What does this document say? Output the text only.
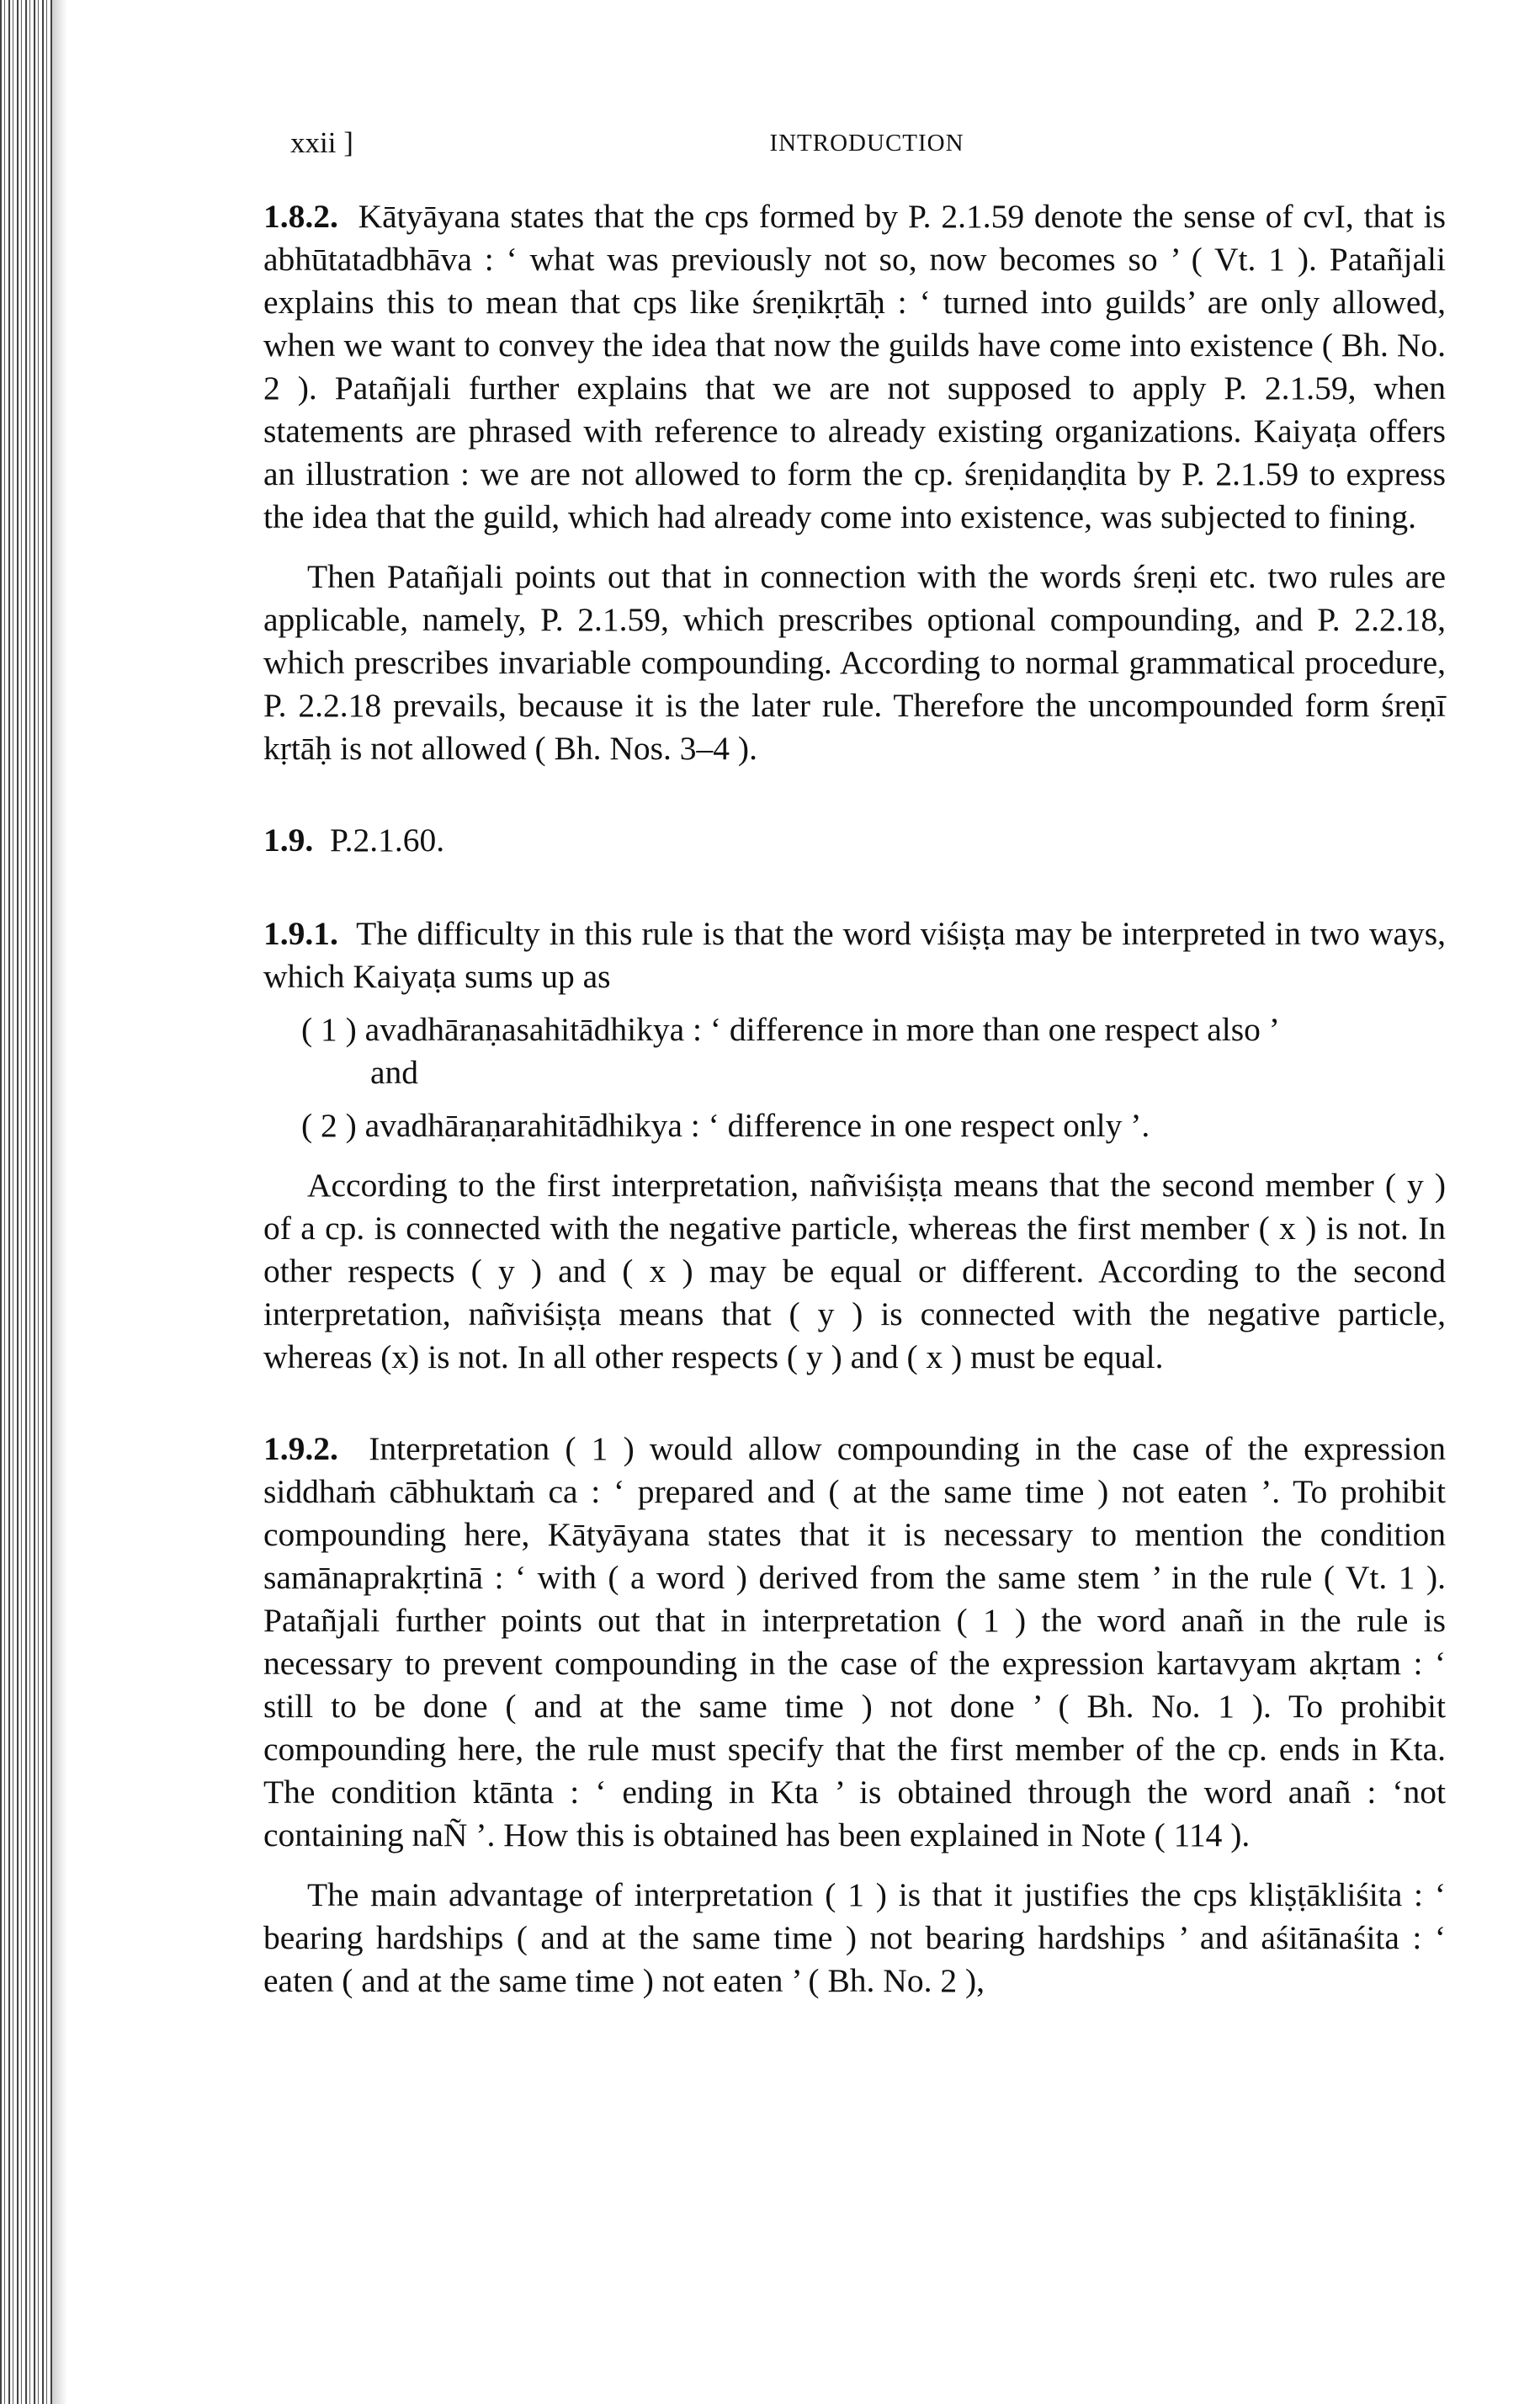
xxii ]	INTRODUCTION

1.8.2. Kātyāyana states that the cps formed by P. 2.1.59 denote the sense of cvI, that is abhūtatadbhāva : ‘ what was previously not so, now becomes so ’ ( Vt. 1 ). Patañjali explains this to mean that cps like śreṇikṛtāḥ : ‘ turned into guilds’ are only allowed, when we want to convey the idea that now the guilds have come into existence ( Bh. No. 2 ). Patañjali further explains that we are not supposed to apply P. 2.1.59, when statements are phrased with reference to already existing organizations. Kaiyaṭa offers an illustration : we are not allowed to form the cp. śreṇidaṇḍita by P. 2.1.59 to express the idea that the guild, which had already come into existence, was subjected to fining.

Then Patañjali points out that in connection with the words śreṇi etc. two rules are applicable, namely, P. 2.1.59, which prescribes optional compounding, and P. 2.2.18, which prescribes invariable compounding. According to normal grammatical procedure, P. 2.2.18 prevails, because it is the later rule. Therefore the uncompounded form śreṇī kṛtāḥ is not allowed ( Bh. Nos. 3–4 ).

1.9. P.2.1.60.

1.9.1. The difficulty in this rule is that the word viśiṣṭa may be interpreted in two ways, which Kaiyaṭa sums up as

( 1 ) avadhāraṇasahitādhikya : ‘ difference in more than one respect also ’

and

( 2 ) avadhāraṇarahitādhikya : ‘ difference in one respect only ’.

According to the first interpretation, nañviśiṣṭa means that the second member ( y ) of a cp. is connected with the negative particle, whereas the first member ( x ) is not. In other respects ( y ) and ( x ) may be equal or different. According to the second interpretation, nañviśiṣṭa means that ( y ) is connected with the negative particle, whereas (x) is not. In all other respects ( y ) and ( x ) must be equal.

1.9.2. Interpretation ( 1 ) would allow compounding in the case of the expression siddhaṁ cābhuktaṁ ca : ‘ prepared and ( at the same time ) not eaten ’. To prohibit compounding here, Kātyāyana states that it is necessary to mention the condition samānaprakṛtinā : ‘ with ( a word ) derived from the same stem ’ in the rule ( Vt. 1 ). Patañjali further points out that in interpretation ( 1 ) the word anañ in the rule is necessary to prevent compounding in the case of the expression kartavyam akṛtam : ‘ still to be done ( and at the same time ) not done ’ ( Bh. No. 1 ). To prohibit compounding here, the rule must specify that the first member of the cp. ends in Kta. The condition ktānta : ‘ ending in Kta ’ is obtained through the word anañ : ‘not containing naÑ ’. How this is obtained has been explained in Note ( 114 ).

The main advantage of interpretation ( 1 ) is that it justifies the cps kliṣṭākliśita : ‘ bearing hardships ( and at the same time ) not bearing hardships ’ and aśitānaśita : ‘ eaten ( and at the same time ) not eaten ’ ( Bh. No. 2 ),
